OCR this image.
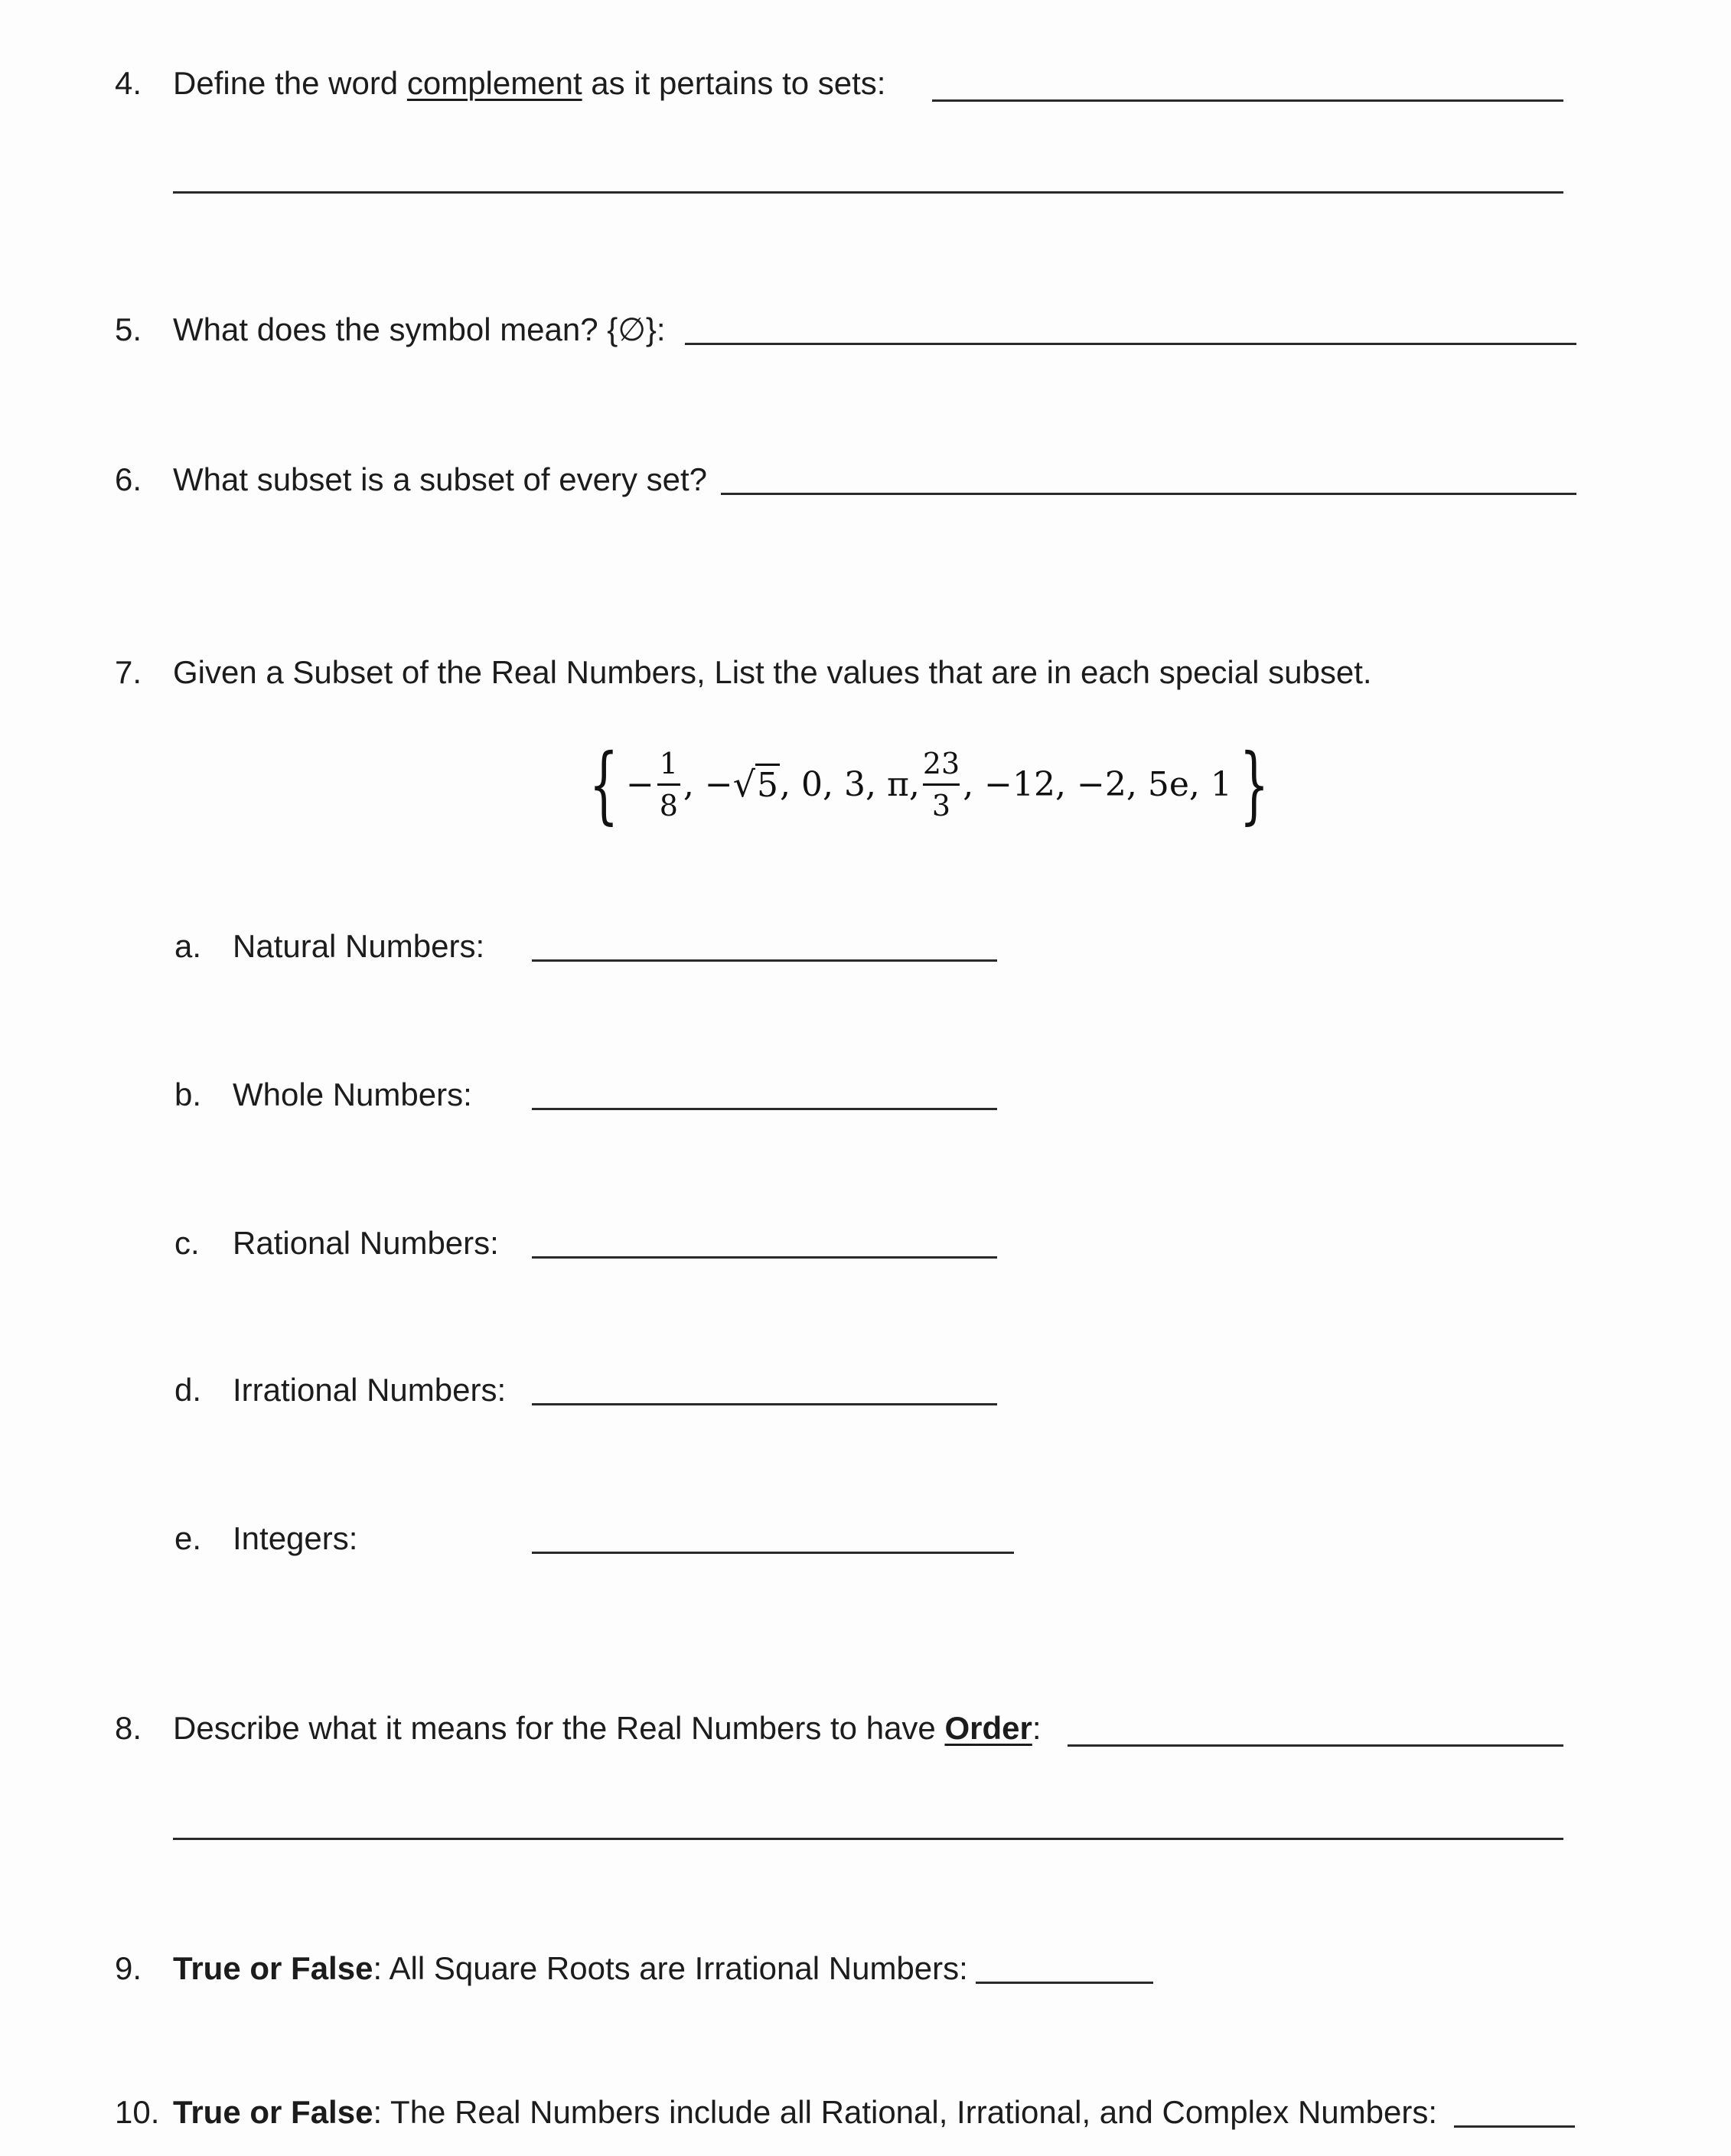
4. Define the word complement as it pertains to sets:
5. What does the symbol mean? {∅}:
6. What subset is a subset of every set?
7. Given a Subset of the Real Numbers, List the values that are in each special subset.
{ − $\frac{1}{8}$ , − √ 5 , 0, 3, π, $\frac{23}{3}$ , −12, −2, 5e, 1 }
a. Natural Numbers:
b. Whole Numbers:
c. Rational Numbers:
d. Irrational Numbers:
e. Integers:
8. Describe what it means for the Real Numbers to have Order:
9. True or False: All Square Roots are Irrational Numbers:
10. True or False: The Real Numbers include all Rational, Irrational, and Complex Numbers:
